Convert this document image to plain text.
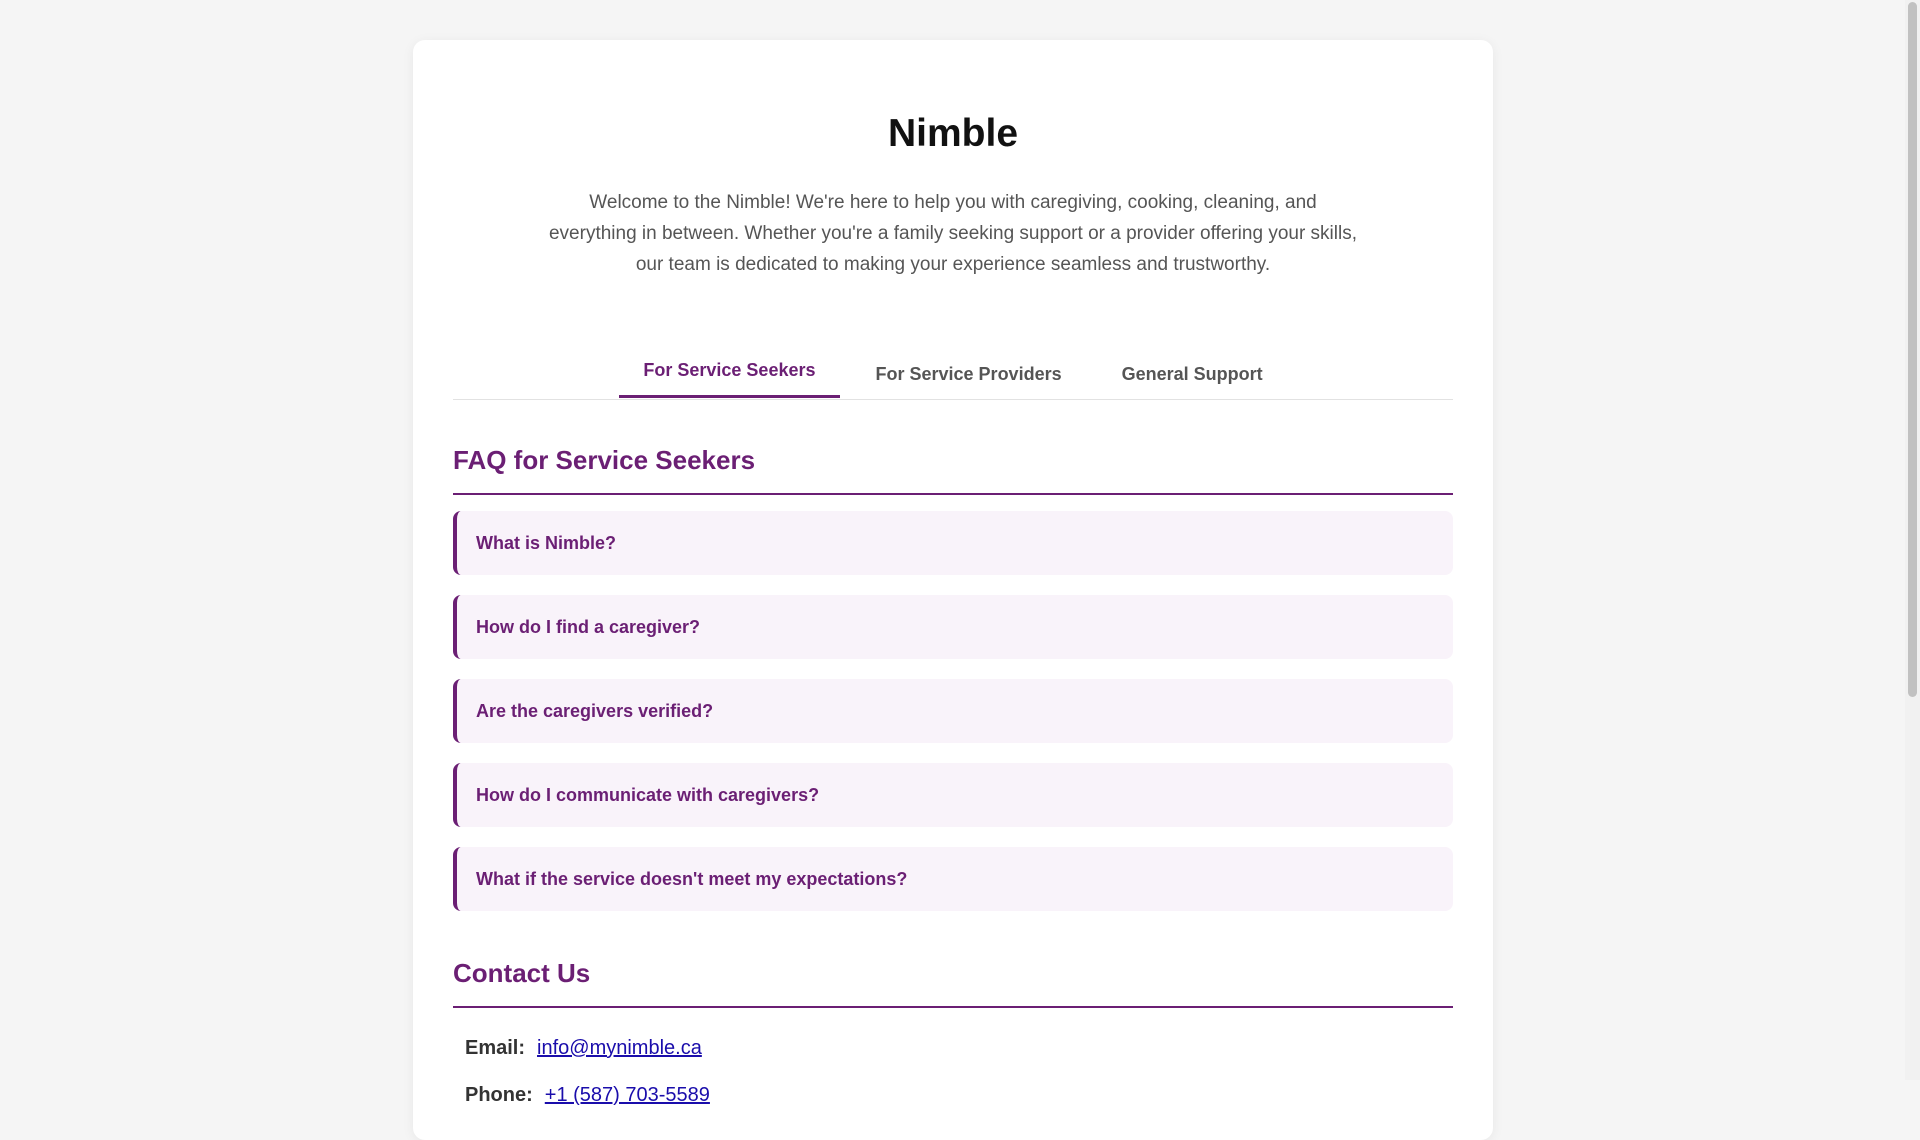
Nimble

Welcome to the Nimble! We're here to help you with caregiving, cooking, cleaning, and everything in between. Whether you're a family seeking support or a provider offering your skills, our team is dedicated to making your experience seamless and trustworthy.

For Service Seekers	For Service Providers	General Support
FAQ for Service Seekers
What is Nimble?
How do I find a caregiver?
Are the caregivers verified?
How do I communicate with caregivers?
What if the service doesn't meet my expectations?
Contact Us
Email: info@mynimble.ca
Phone: +1 (587) 703-5589
